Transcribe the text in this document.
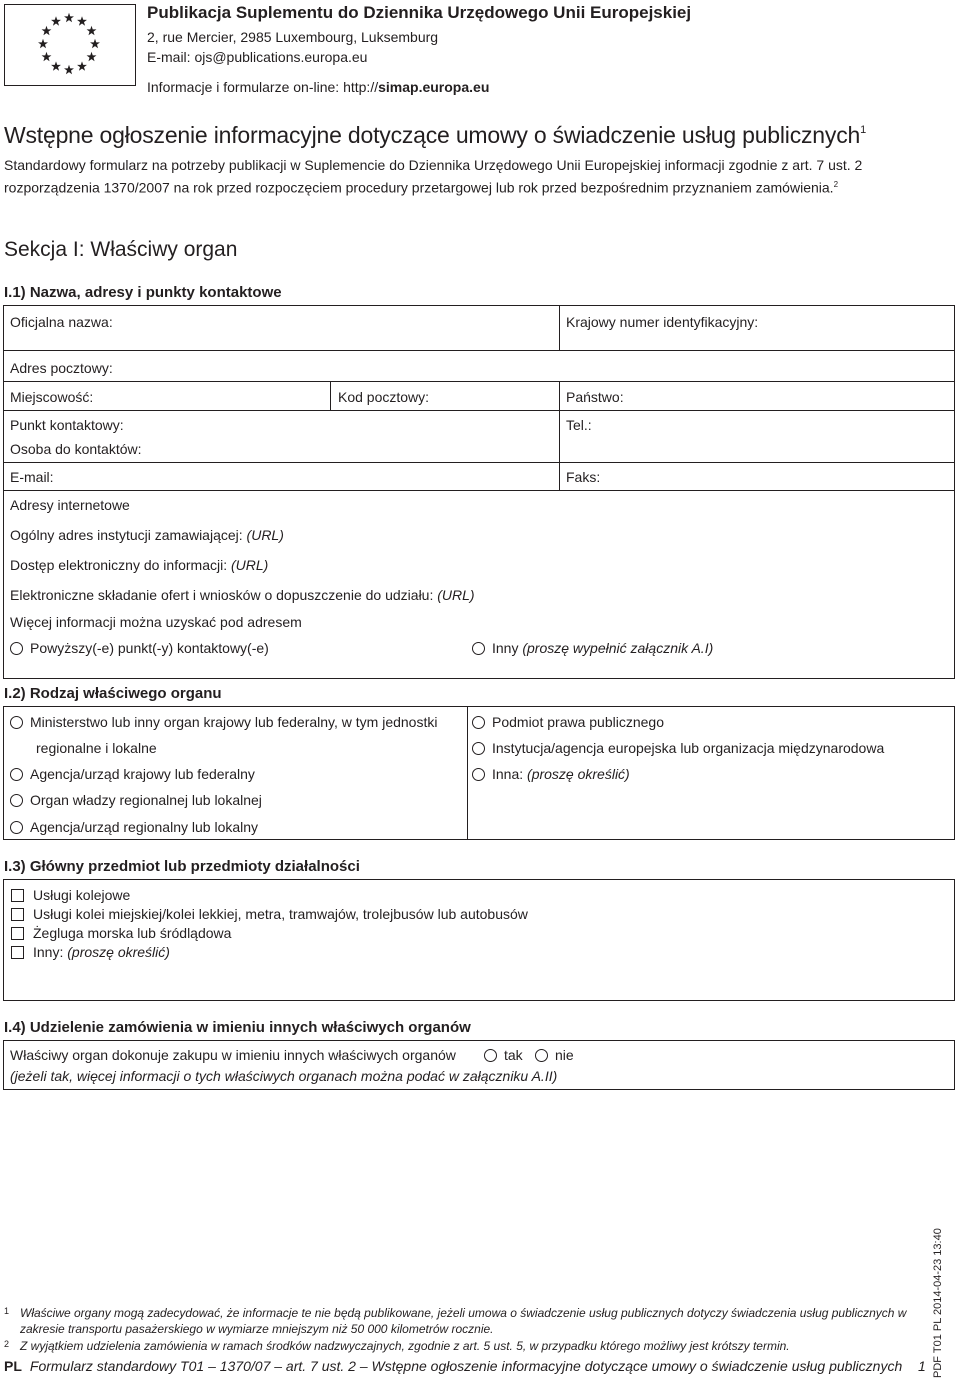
Publikacja Suplementu do Dziennika Urzędowego Unii Europejskiej
2, rue Mercier, 2985 Luxembourg, Luksemburg
E-mail: ojs@publications.europa.eu
Informacje i formularze on-line: http://simap.europa.eu
Wstępne ogłoszenie informacyjne dotyczące umowy o świadczenie usług publicznych$^1$
Standardowy formularz na potrzeby publikacji w Suplemencie do Dziennika Urzędowego Unii Europejskiej informacji zgodnie z art. 7 ust. 2 rozporządzenia 1370/2007 na rok przed rozpoczęciem procedury przetargowej lub rok przed bezpośrednim przyznaniem zamówienia.$^2$
Sekcja I: Właściwy organ
I.1) Nazwa, adresy i punkty kontaktowe
Oficjalna nazwa:	Krajowy numer identyfikacyjny:
Adres pocztowy:
Miejscowość:	Kod pocztowy:	Państwo:
Punkt kontaktowy:
Osoba do kontaktów:
Tel.:
E-mail:	Faks:
Adresy internetowe
Ogólny adres instytucji zamawiającej: (URL)
Dostęp elektroniczny do informacji: (URL)
Elektroniczne składanie ofert i wniosków o dopuszczenie do udziału: (URL)
Więcej informacji można uzyskać pod adresem
Powyższy(-e) punkt(-y) kontaktowy(-e)	Inny (proszę wypełnić załącznik A.I)
I.2) Rodzaj właściwego organu
Ministerstwo lub inny organ krajowy lub federalny, w tym jednostki
regionalne i lokalne
Agencja/urząd krajowy lub federalny
Organ władzy regionalnej lub lokalnej
Agencja/urząd regionalny lub lokalny
Podmiot prawa publicznego
Instytucja/agencja europejska lub organizacja międzynarodowa
Inna: (proszę określić)
I.3) Główny przedmiot lub przedmioty działalności
Usługi kolejowe
Usługi kolei miejskiej/kolei lekkiej, metra, tramwajów, trolejbusów lub autobusów
Żegluga morska lub śródlądowa
Inny: (proszę określić)
I.4) Udzielenie zamówienia w imieniu innych właściwych organów
Właściwy organ dokonuje zakupu w imieniu innych właściwych organów	tak	nie
(jeżeli tak, więcej informacji o tych właściwych organach można podać w załączniku A.II)
1 Właściwe organy mogą zadecydować, że informacje te nie będą publikowane, jeżeli umowa o świadczenie usług publicznych dotyczy świadczenia usług publicznych w
zakresie transportu pasażerskiego w wymiarze mniejszym niż 50 000 kilometrów rocznie.
2 Z wyjątkiem udzielenia zamówienia w ramach środków nadzwyczajnych, zgodnie z art. 5 ust. 5, w przypadku którego możliwy jest krótszy termin.
PL Formularz standardowy T01 – 1370/07 – art. 7 ust. 2 – Wstępne ogłoszenie informacyjne dotyczące umowy o świadczenie usług publicznych 1 PDF T01 PL 2014-04-23 13:40
